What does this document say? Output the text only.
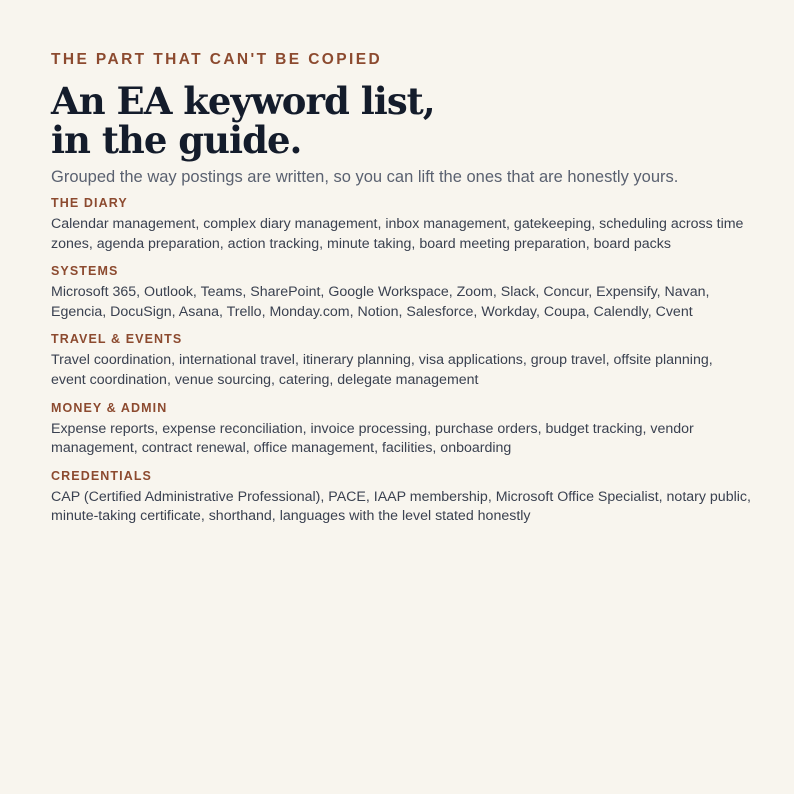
THE PART THAT CAN'T BE COPIED

An EA keyword list,
in the guide.

Grouped the way postings are written, so you can lift the ones that are honestly yours.

THE DIARY

Calendar management, complex diary management, inbox management, gatekeeping, scheduling across time zones, agenda preparation, action tracking, minute taking, board meeting preparation, board packs

SYSTEMS

Microsoft 365, Outlook, Teams, SharePoint, Google Workspace, Zoom, Slack, Concur, Expensify, Navan, Egencia, DocuSign, Asana, Trello, Monday.com, Notion, Salesforce, Workday, Coupa, Calendly, Cvent

TRAVEL & EVENTS

Travel coordination, international travel, itinerary planning, visa applications, group travel, offsite planning, event coordination, venue sourcing, catering, delegate management

MONEY & ADMIN

Expense reports, expense reconciliation, invoice processing, purchase orders, budget tracking, vendor management, contract renewal, office management, facilities, onboarding

CREDENTIALS

CAP (Certified Administrative Professional), PACE, IAAP membership, Microsoft Office Specialist, notary public, minute-taking certificate, shorthand, languages with the level stated honestly
